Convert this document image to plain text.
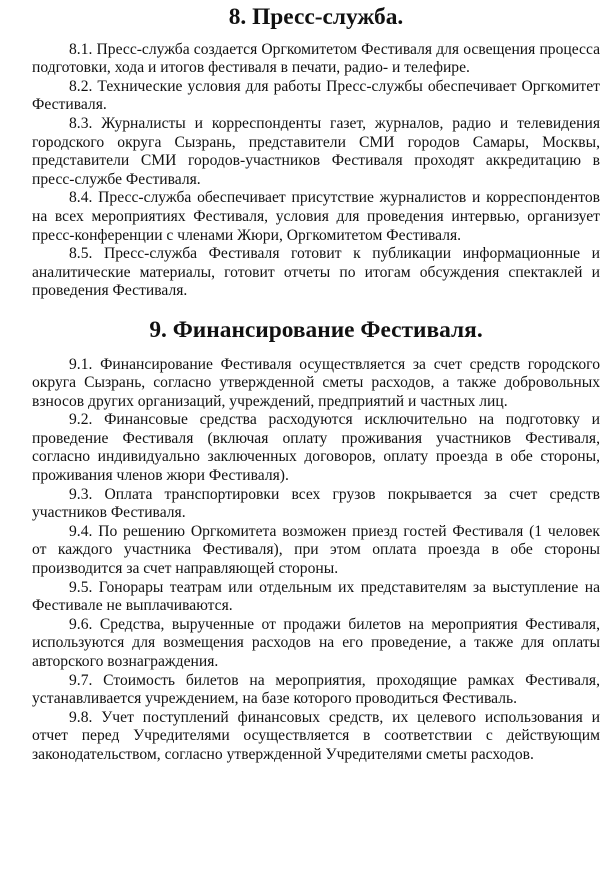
8. Пресс-служба.

8.1. Пресс-служба создается Оргкомитетом Фестиваля для освещения процесса подготовки, хода и итогов фестиваля в печати, радио- и телефире.

8.2. Технические условия для работы Пресс-службы обеспечивает Оргкомитет Фестиваля.

8.3. Журналисты и корреспонденты газет, журналов, радио и телевидения городского округа Сызрань, представители СМИ городов Самары, Москвы, представители СМИ городов-участников Фестиваля проходят аккредитацию в пресс-службе Фестиваля.

8.4. Пресс-служба обеспечивает присутствие журналистов и корреспондентов на всех мероприятиях Фестиваля, условия для проведения интервью, организует пресс-конференции с членами Жюри, Оргкомитетом Фестиваля.

8.5. Пресс-служба Фестиваля готовит к публикации информационные и аналитические материалы, готовит отчеты по итогам обсуждения спектаклей и проведения Фестиваля.

9. Финансирование Фестиваля.

9.1. Финансирование Фестиваля осуществляется за счет средств городского округа Сызрань, согласно утвержденной сметы расходов, а также добровольных взносов других организаций, учреждений, предприятий и частных лиц.

9.2. Финансовые средства расходуются исключительно на подготовку и проведение Фестиваля (включая оплату проживания участников Фестиваля, согласно индивидуально заключенных договоров, оплату проезда в обе стороны, проживания членов жюри Фестиваля).

9.3. Оплата транспортировки всех грузов покрывается за счет средств участников Фестиваля.

9.4. По решению Оргкомитета возможен приезд гостей Фестиваля (1 человек от каждого участника Фестиваля), при этом оплата проезда в обе стороны производится за счет направляющей стороны.

9.5. Гонорары театрам или отдельным их представителям за выступление на Фестивале не выплачиваются.

9.6. Средства, вырученные от продажи билетов на мероприятия Фестиваля, используются для возмещения расходов на его проведение, а также для оплаты авторского вознаграждения.

9.7. Стоимость билетов на мероприятия, проходящие рамках Фестиваля, устанавливается учреждением, на базе которого проводиться Фестиваль.

9.8. Учет поступлений финансовых средств, их целевого использования и отчет перед Учредителями осуществляется в соответствии с действующим законодательством, согласно утвержденной Учредителями сметы расходов.
